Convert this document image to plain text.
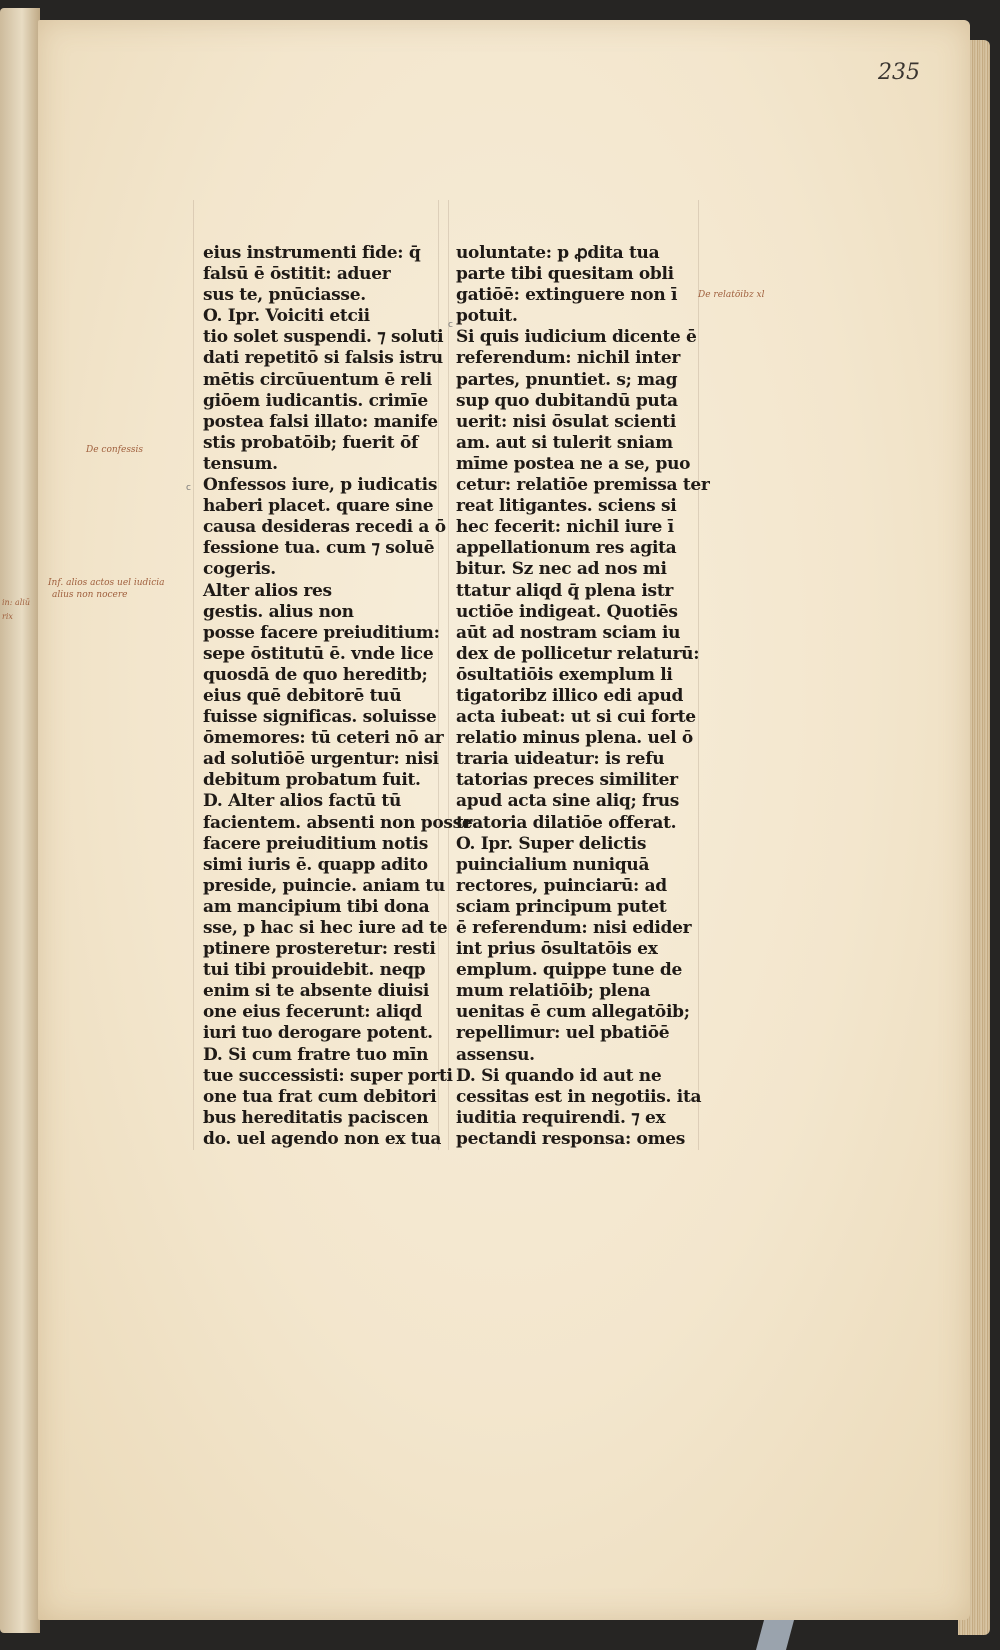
235
De relatōibz xl
De confessis
Inf. alios actos uel iudicia
alius non nocere
c
c
eius instrumenti fide: q̄
falsū ē ōstitit: aduer
sus te, pnūciasse.
O. Ipr. Voiciti etcii
tio solet suspendi. ⁊ soluti
dati repetitō si falsis istru
mētis circūuentum ē reli
giōem iudicantis. crimīe
postea falsi illato: manife
stis probatōib; fuerit ōf
tensum.
Onfessos iure, p iudicatis
haberi placet. quare sine
causa desideras recedi a ō
fessione tua. cum ⁊ soluē
cogeris.
Alter alios res
gestis. alius non
posse facere preiuditium:
sepe ōstitutū ē. vnde lice
quosdā de quo hereditb;
eius quē debitorē tuū
fuisse significas. soluisse
ōmemores: tū ceteri nō ar
ad solutiōē urgentur: nisi
debitum probatum fuit.
D. Alter alios factū tū
facientem. absenti non posse
facere preiuditium notis
simi iuris ē. quapp adito
preside, puincie. aniam tu
am mancipium tibi dona
sse, p hac si hec iure ad te
ptinere prosteretur: resti
tui tibi prouidebit. neqp
enim si te absente diuisi
one eius fecerunt: aliqd
iuri tuo derogare potent.
D. Si cum fratre tuo mīn
tue successisti: super porti
one tua frat cum debitori
bus hereditatis paciscen
do. uel agendo non ex tua
uoluntate: p ꝓdita tua
parte tibi quesitam obli
gatiōē: extinguere non ī
potuit.
Si quis iudicium dicente ē
referendum: nichil inter
partes, pnuntiet. s; mag
sup quo dubitandū puta
uerit: nisi ōsulat scienti
am. aut si tulerit sniam
mīme postea ne a se, puo
cetur: relatiōe premissa ter
reat litigantes. sciens si
hec fecerit: nichil iure ī
appellationum res agita
bitur. Sz nec ad nos mi
ttatur aliqd q̄ plena istr
uctiōe indigeat. Quotiēs
aūt ad nostram sciam iu
dex de pollicetur relaturū:
ōsultatiōis exemplum li
tigatoribz illico edi apud
acta iubeat: ut si cui forte
relatio minus plena. uel ō
traria uideatur: is refu
tatorias preces similiter
apud acta sine aliq; frus
tratoria dilatiōe offerat.
O. Ipr. Super delictis
puincialium nuniquā
rectores, puinciarū: ad
sciam principum putet
ē referendum: nisi edider
int prius ōsultatōis ex
emplum. quippe tune de
mum relatiōib; plena
uenitas ē cum allegatōib;
repellimur: uel pbatiōē
assensu.
D. Si quando id aut ne
cessitas est in negotiis. ita
iuditia requirendi. ⁊ ex
pectandi responsa: omes
in: aliū
rix
